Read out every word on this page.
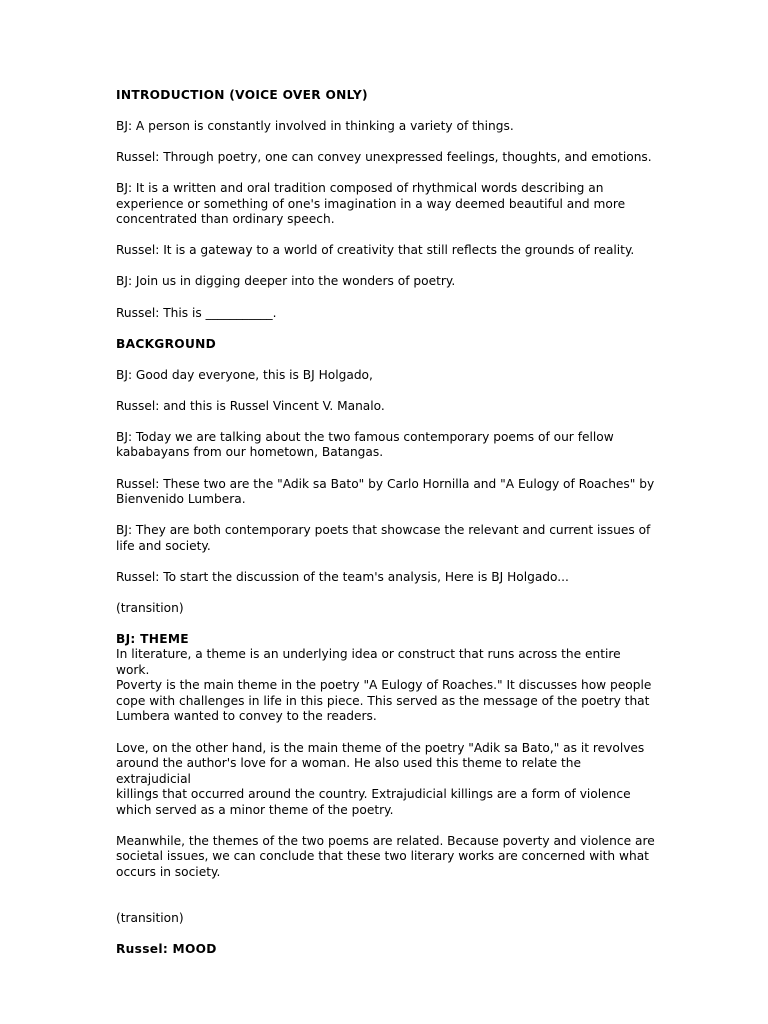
INTRODUCTION (VOICE OVER ONLY)
BJ: A person is constantly involved in thinking a variety of things.
Russel: Through poetry, one can convey unexpressed feelings, thoughts, and emotions.
BJ: It is a written and oral tradition composed of rhythmical words describing an
experience or something of one's imagination in a way deemed beautiful and more
concentrated than ordinary speech.
Russel: It is a gateway to a world of creativity that still reflects the grounds of reality.
BJ: Join us in digging deeper into the wonders of poetry.
Russel: This is ___________.
BACKGROUND
BJ: Good day everyone, this is BJ Holgado,
Russel: and this is Russel Vincent V. Manalo.
BJ: Today we are talking about the two famous contemporary poems of our fellow
kababayans from our hometown, Batangas.
Russel: These two are the "Adik sa Bato" by Carlo Hornilla and "A Eulogy of Roaches" by
Bienvenido Lumbera.
BJ: They are both contemporary poets that showcase the relevant and current issues of
life and society.
Russel: To start the discussion of the team's analysis, Here is BJ Holgado...
(transition)
BJ: THEME
In literature, a theme is an underlying idea or construct that runs across the entire work.
Poverty is the main theme in the poetry "A Eulogy of Roaches." It discusses how people
cope with challenges in life in this piece. This served as the message of the poetry that
Lumbera wanted to convey to the readers.
Love, on the other hand, is the main theme of the poetry "Adik sa Bato," as it revolves
around the author's love for a woman. He also used this theme to relate the extrajudicial
killings that occurred around the country. Extrajudicial killings are a form of violence
which served as a minor theme of the poetry.
Meanwhile, the themes of the two poems are related. Because poverty and violence are
societal issues, we can conclude that these two literary works are concerned with what
occurs in society.
(transition)
Russel: MOOD
